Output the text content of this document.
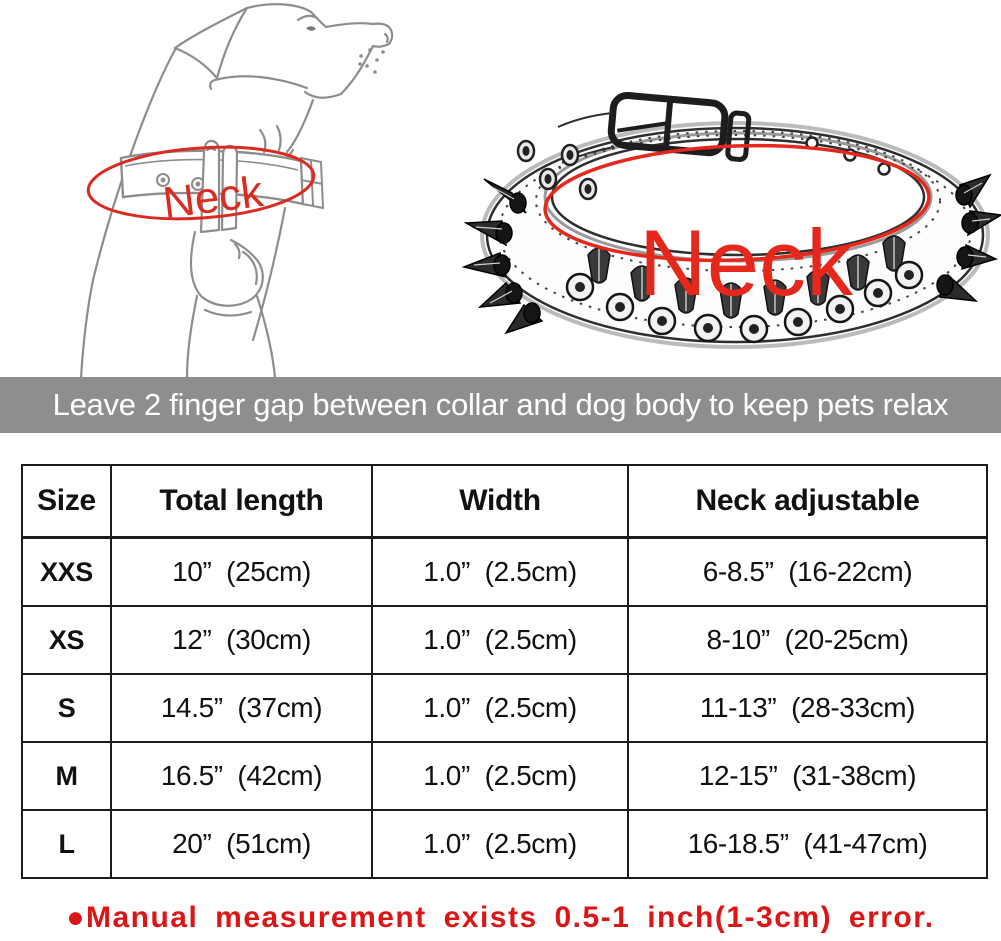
Neck
Neck
Leave 2 finger gap between collar and dog body to keep pets relax
Size	Total length	Width	Neck adjustable
XXS	10”  (25cm)	1.0”  (2.5cm)	6-8.5”  (16-22cm)
XS	12”  (30cm)	1.0”  (2.5cm)	8-10”  (20-25cm)
S	14.5”  (37cm)	1.0”  (2.5cm)	11-13”  (28-33cm)
M	16.5”  (42cm)	1.0”  (2.5cm)	12-15”  (31-38cm)
L	20”  (51cm)	1.0”  (2.5cm)	16-18.5”  (41-47cm)
●Manual measurement exists 0.5-1 inch(1-3cm) error.
